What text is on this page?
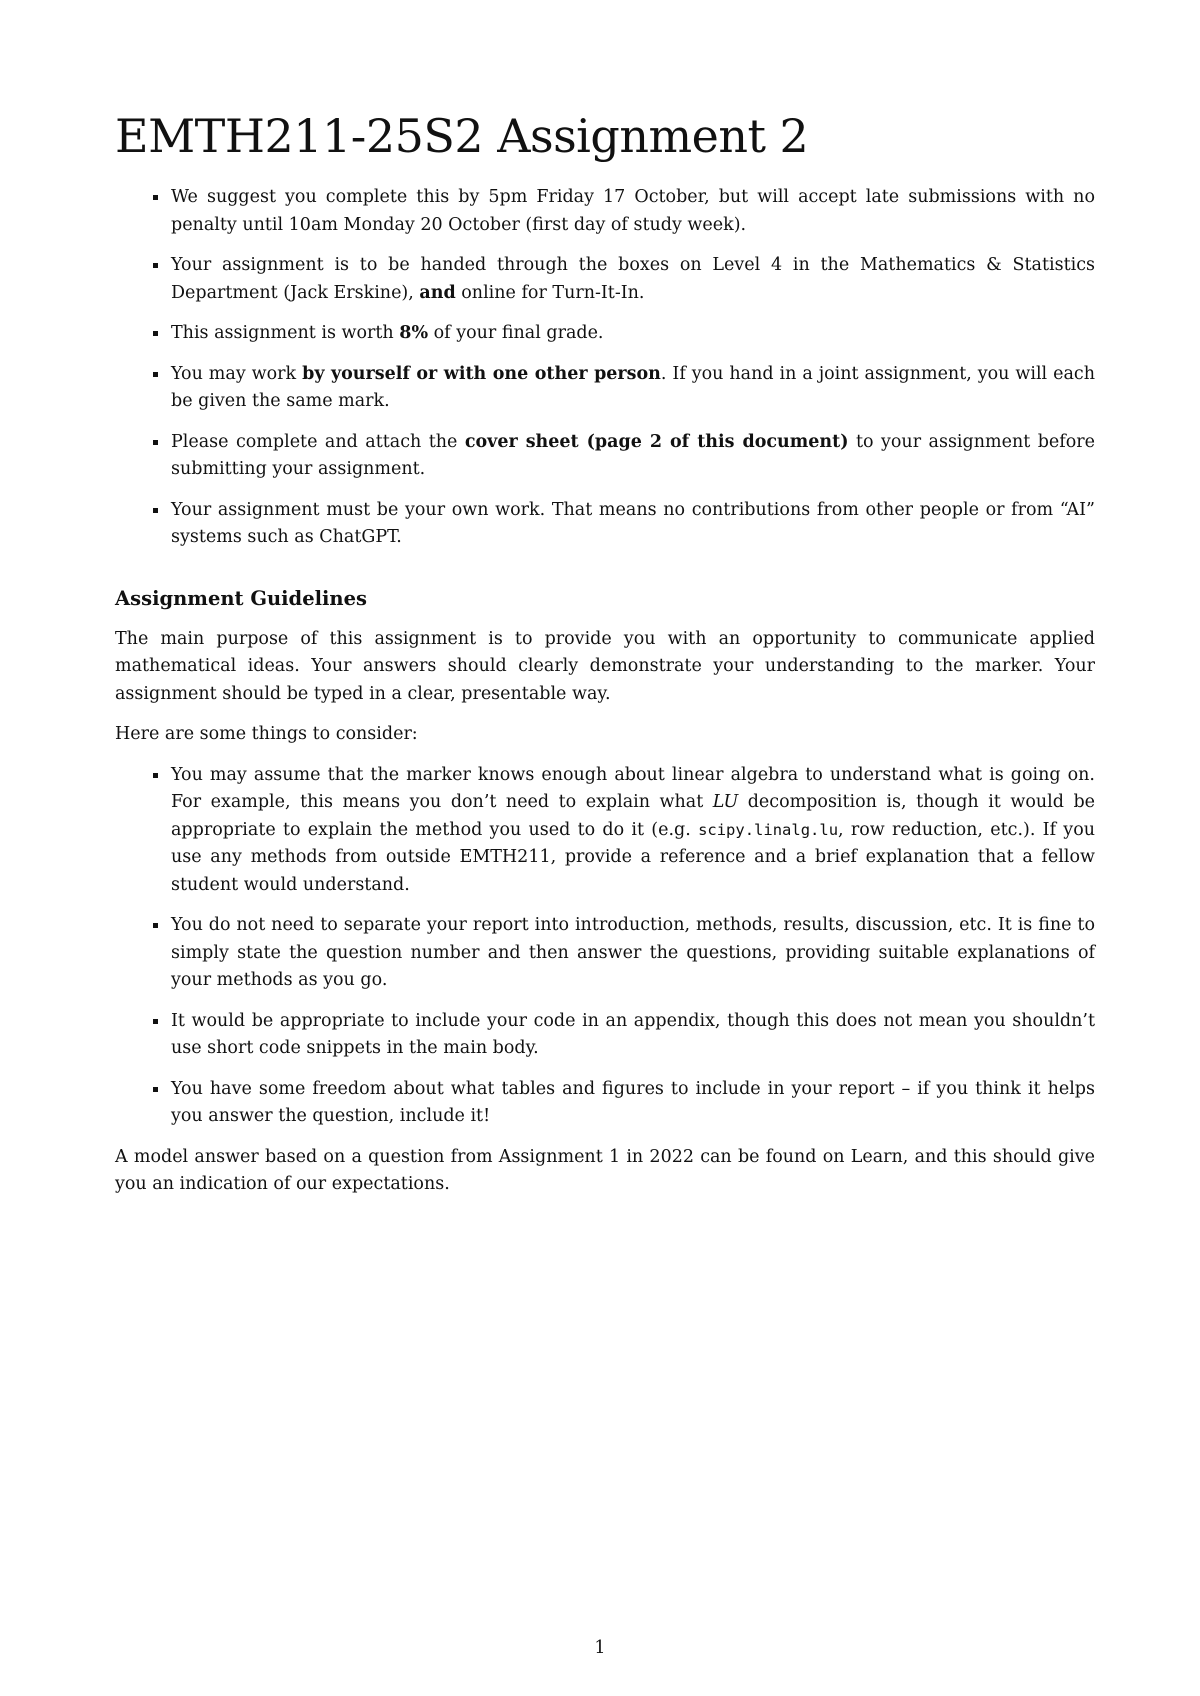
EMTH211-25S2 Assignment 2
We suggest you complete this by 5pm Friday 17 October, but will accept late submissions with no penalty until 10am Monday 20 October (first day of study week).
Your assignment is to be handed through the boxes on Level 4 in the Mathematics & Statistics Department (Jack Erskine), and online for Turn-It-In.
This assignment is worth 8% of your final grade.
You may work by yourself or with one other person. If you hand in a joint assignment, you will each be given the same mark.
Please complete and attach the cover sheet (page 2 of this document) to your assignment before submitting your assignment.
Your assignment must be your own work. That means no contributions from other people or from “AI” systems such as ChatGPT.
Assignment Guidelines

The main purpose of this assignment is to provide you with an opportunity to communicate applied mathematical ideas. Your answers should clearly demonstrate your understanding to the marker. Your assignment should be typed in a clear, presentable way.

Here are some things to consider:

You may assume that the marker knows enough about linear algebra to understand what is going on. For example, this means you don’t need to explain what LU decomposition is, though it would be appropriate to explain the method you used to do it (e.g. scipy.linalg.lu, row reduction, etc.). If you use any methods from outside EMTH211, provide a reference and a brief explanation that a fellow student would understand.
You do not need to separate your report into introduction, methods, results, discussion, etc. It is fine to simply state the question number and then answer the questions, providing suitable explanations of your methods as you go.
It would be appropriate to include your code in an appendix, though this does not mean you shouldn’t use short code snippets in the main body.
You have some freedom about what tables and figures to include in your report – if you think it helps you answer the question, include it!

A model answer based on a question from Assignment 1 in 2022 can be found on Learn, and this should give you an indication of our expectations.

1
